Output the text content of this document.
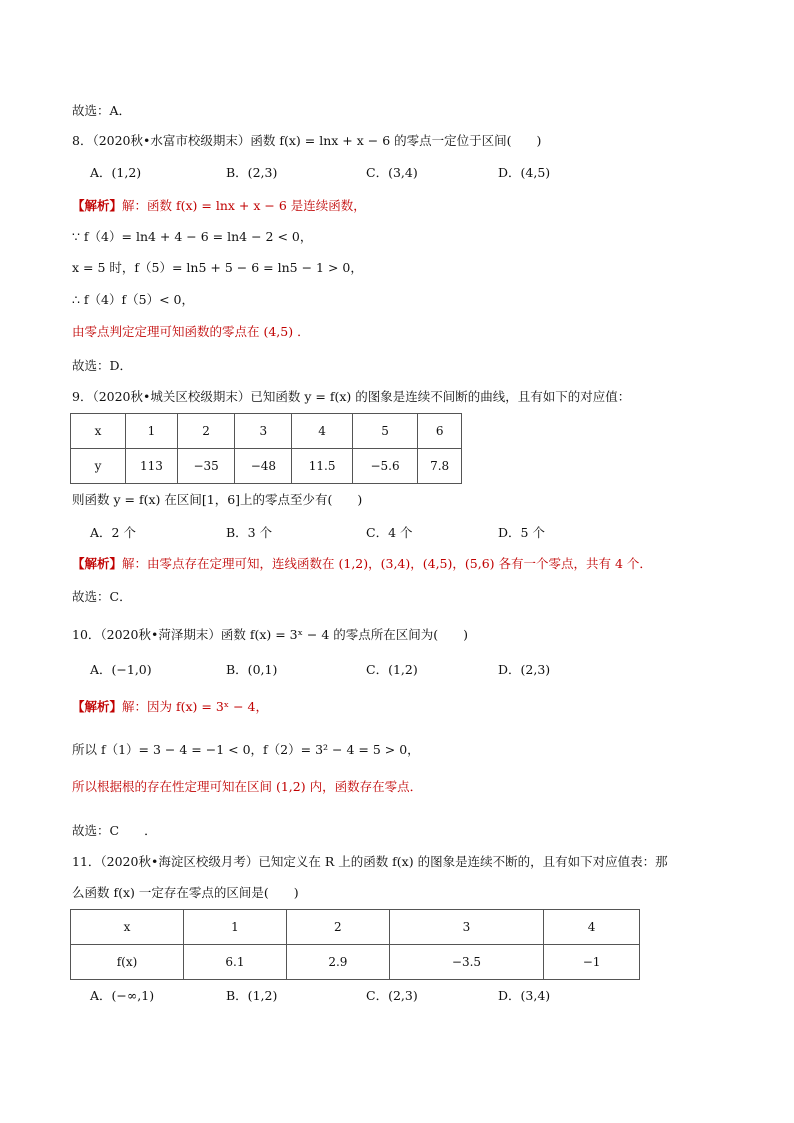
故选：A．
8．（2020秋•水富市校级期末）函数 f(x) = lnx + x − 6 的零点一定位于区间(　　)
A．(1,2)	B．(2,3)	C．(3,4)	D．(4,5)
【解析】解：函数 f(x) = lnx + x − 6 是连续函数，
∵ f（4）= ln4 + 4 − 6 = ln4 − 2 < 0，
x = 5 时，f（5）= ln5 + 5 − 6 = ln5 − 1 > 0，
∴ f（4）f（5）< 0，
由零点判定定理可知函数的零点在 (4,5) ．
故选：D．
9．（2020秋•城关区校级期末）已知函数 y = f(x) 的图象是连续不间断的曲线，且有如下的对应值：
x	1	2	3	4	5	6
y	113	−35	−48	11.5	−5.6	7.8
则函数 y = f(x) 在区间[1，6]上的零点至少有(　　)
A．2 个	B．3 个	C．4 个	D．5 个
【解析】解：由零点存在定理可知，连线函数在 (1,2)，(3,4)，(4,5)，(5,6) 各有一个零点，共有 4 个．
故选：C．
10．（2020秋•菏泽期末）函数 f(x) = 3ˣ − 4 的零点所在区间为(　　)
A．(−1,0)	B．(0,1)	C．(1,2)	D．(2,3)
【解析】解：因为 f(x) = 3ˣ − 4，
所以 f（1）= 3 − 4 = −1 < 0，f（2）= 3² − 4 = 5 > 0，
所以根据根的存在性定理可知在区间 (1,2) 内，函数存在零点．
故选：C　　．
11．（2020秋•海淀区校级月考）已知定义在 R 上的函数 f(x) 的图象是连续不断的，且有如下对应值表：那
么函数 f(x) 一定存在零点的区间是(　　)
x	1	2	3	4
f(x)	6.1	2.9	−3.5	−1
A．(−∞,1)	B．(1,2)	C．(2,3)	D．(3,4)
